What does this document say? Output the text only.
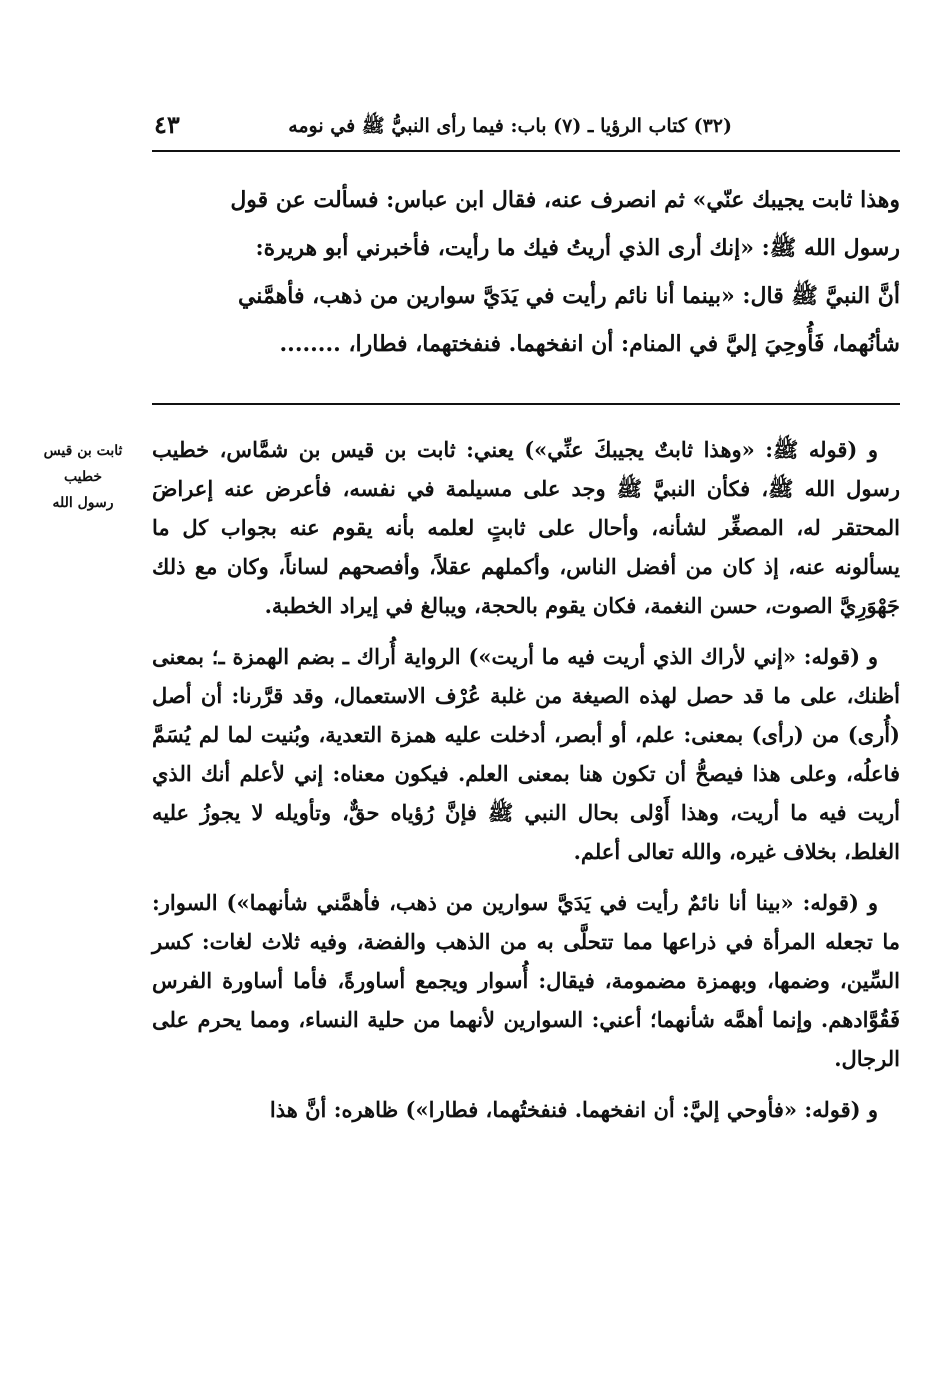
(٣٢) كتاب الرؤيا ـ (٧) باب: فيما رأى النبيُّ ﷺ في نومه
٤٣
وهذا ثابت يجيبك عنّي» ثم انصرف عنه، فقال ابن عباس: فسألت عن قول
رسول الله ﷺ: «إنك أرى الذي أريتُ فيك ما رأيت، فأخبرني أبو هريرة:
أنَّ النبيَّ ﷺ قال: «بينما أنا نائم رأيت في يَدَيَّ سوارين من ذهب، فأهمَّني
شأنُهما، فَأُوحِيَ إليَّ في المنام: أن انفخهما. فنفختهما، فطارا، ........
ثابت بن قيس
خطيب
رسول الله

و (قوله ﷺ: «وهذا ثابتٌ يجيبكَ عنِّي») يعني: ثابت بن قيس بن شمَّاس، خطيب رسول الله ﷺ، فكأن النبيَّ ﷺ وجد على مسيلمة في نفسه، فأعرض عنه إعراضَ المحتقر له، المصغِّر لشأنه، وأحال على ثابتٍ لعلمه بأنه يقوم عنه بجواب كل ما يسألونه عنه، إذ كان من أفضل الناس، وأكملهم عقلاً، وأفصحهم لساناً، وكان مع ذلك جَهْوَرِيَّ الصوت، حسن النغمة، فكان يقوم بالحجة، ويبالغ في إيراد الخطبة.

و (قوله: «إني لأراك الذي أريت فيه ما أريت») الرواية أُراك ـ بضم الهمزة ـ؛ بمعنى أظنك، على ما قد حصل لهذه الصيغة من غلبة عُرْف الاستعمال، وقد قرَّرنا: أن أصل (أُرى) من (رأى) بمعنى: علم، أو أبصر، أدخلت عليه همزة التعدية، وبُنيت لما لم يُسَمَّ فاعلُه، وعلى هذا فيصحُّ أن تكون هنا بمعنى العلم. فيكون معناه: إني لأعلم أنك الذي أريت فيه ما أريت، وهذا أَوْلى بحال النبي ﷺ فإنَّ رُؤياه حقٌّ، وتأويله لا يجوزُ عليه الغلط، بخلاف غيره، والله تعالى أعلم.

و (قوله: «بينا أنا نائمٌ رأيت في يَدَيَّ سوارين من ذهب، فأهمَّني شأنهما») السوار: ما تجعله المرأة في ذراعها مما تتحلَّى به من الذهب والفضة، وفيه ثلاث لغات: كسر السِّين، وضمها، وبهمزة مضمومة، فيقال: أُسوار ويجمع أساورةً، فأما أساورة الفرس فَقُوَّادهم. وإنما أهمَّه شأنهما؛ أعني: السوارين لأنهما من حلية النساء، ومما يحرم على الرجال.

و (قوله: «فأوحي إليَّ: أن انفخهما. فنفختُهما، فطارا») ظاهره: أنَّ هذا
